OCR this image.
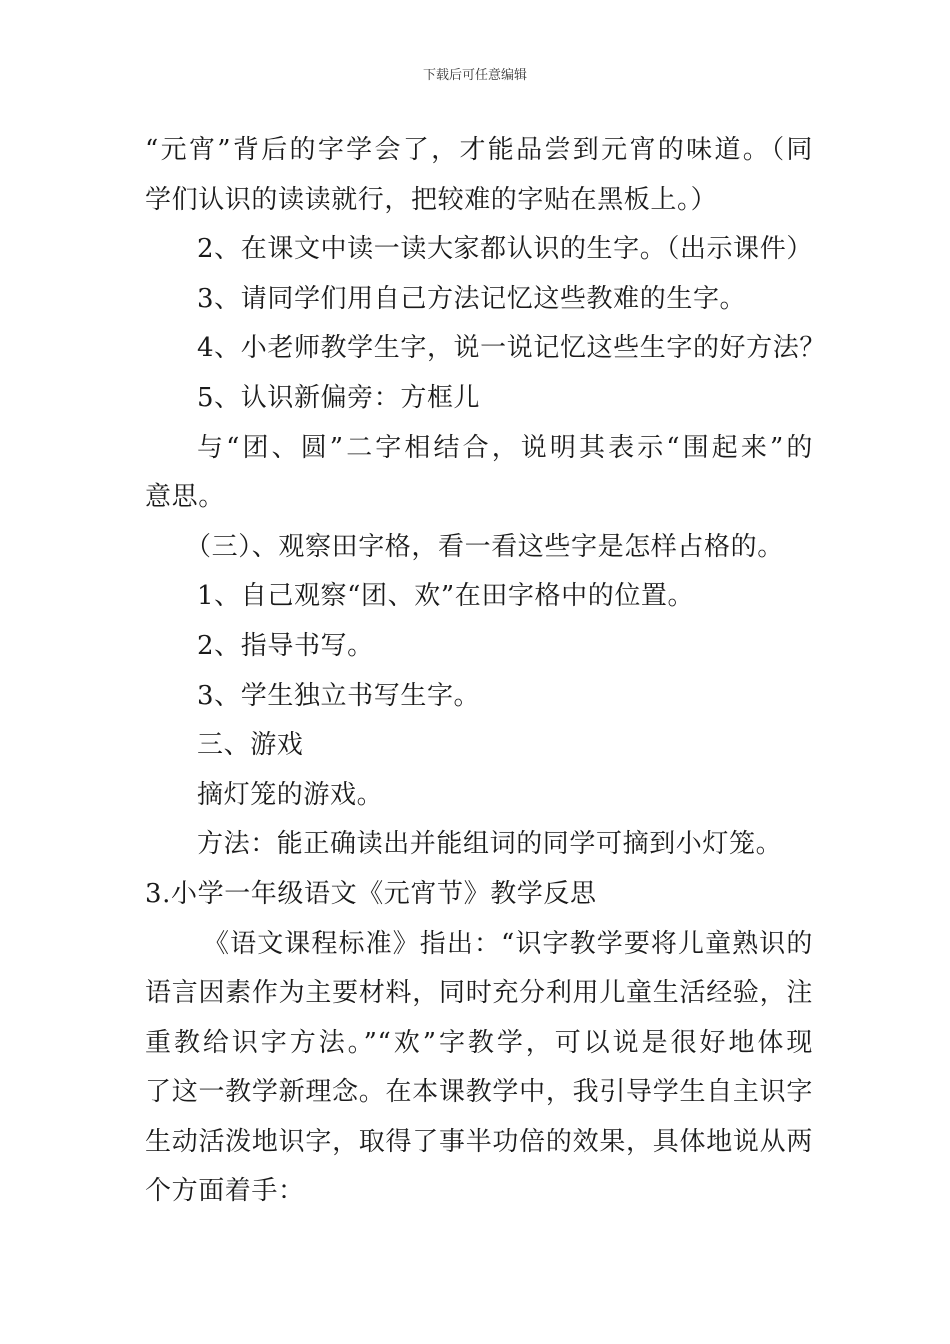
下载后可任意编辑
“元宵”背后的字学会了，才能品尝到元宵的味道。（同
学们认识的读读就行，把较难的字贴在黑板上。）
2、在课文中读一读大家都认识的生字。（出示课件）
3、请同学们用自己方法记忆这些教难的生字。
4、小老师教学生字，说一说记忆这些生字的好方法？
5、认识新偏旁：方框儿
与“团、圆”二字相结合，说明其表示“围起来”的
意思。
（三）、观察田字格，看一看这些字是怎样占格的。
1、自己观察“团、欢”在田字格中的位置。
2、指导书写。
3、学生独立书写生字。
三、游戏
摘灯笼的游戏。
方法：能正确读出并能组词的同学可摘到小灯笼。
3.小学一年级语文《元宵节》教学反思
《语文课程标准》指出：“识字教学要将儿童熟识的
语言因素作为主要材料，同时充分利用儿童生活经验，注
重教给识字方法。”“欢”字教学，可以说是很好地体现
了这一教学新理念。在本课教学中，我引导学生自主识字
生动活泼地识字，取得了事半功倍的效果，具体地说从两
个方面着手：
